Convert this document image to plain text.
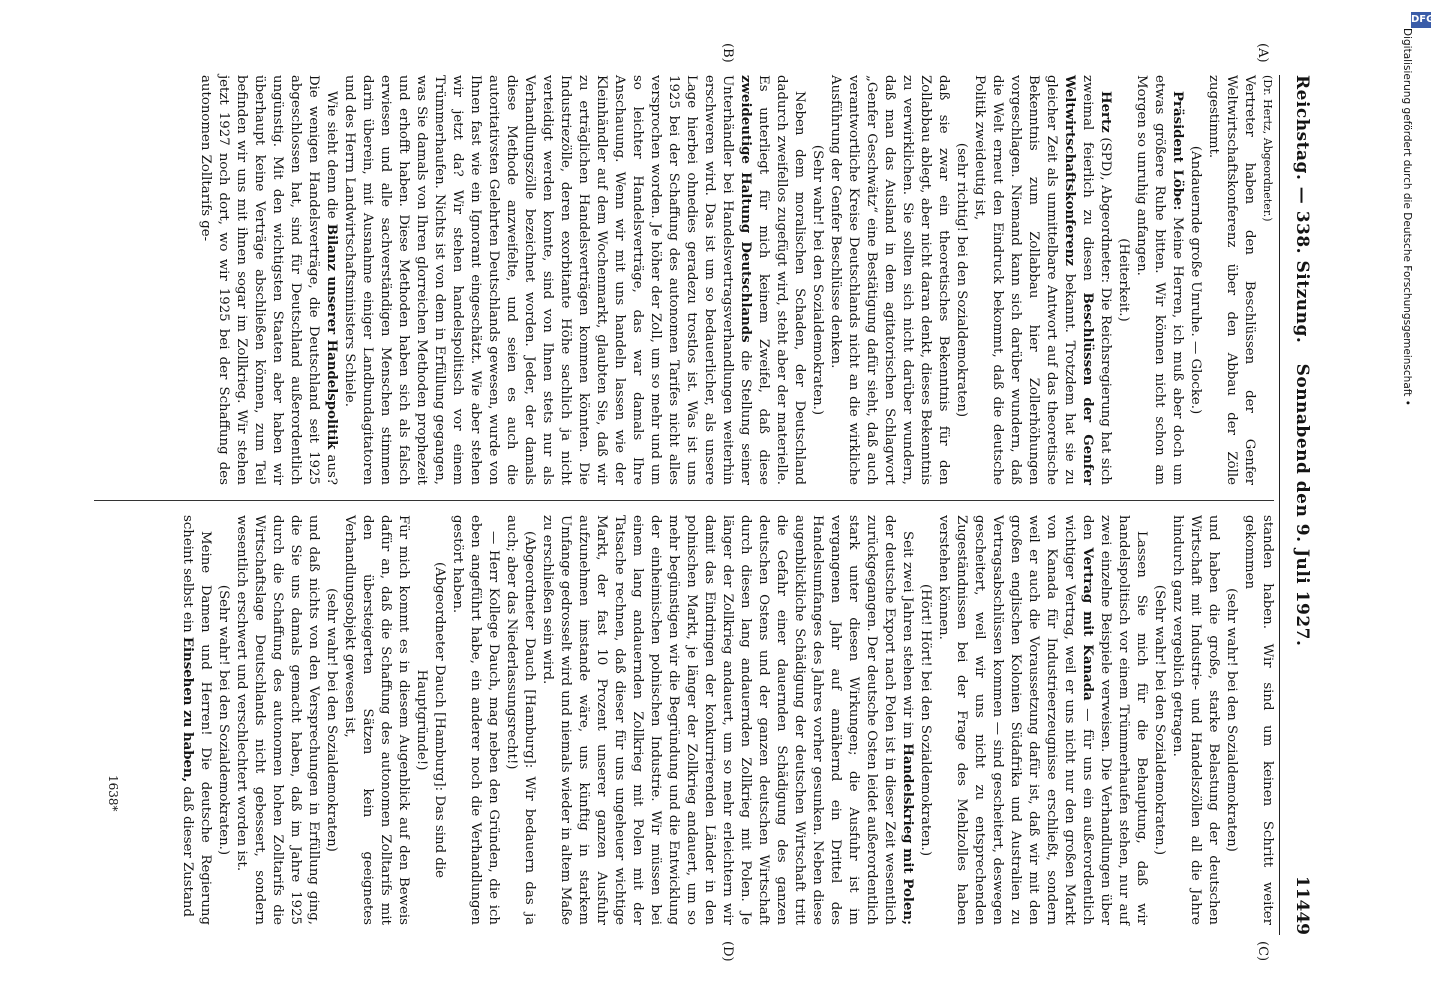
Reichstag. — 338. Sitzung.
Sonnabend den 9. Juli 1927.
11449
(A)
(B)
(C)
(D)

(Dr. Hertz, Abgeordneter.)

Vertreter haben den Beschlüssen der Genfer Weltwirtschaftskonferenz über den Abbau der Zölle zugestimmt.

(Andauernde große Unruhe. — Glocke.)

Präsident Löbe: Meine Herren, ich muß aber doch um etwas größere Ruhe bitten. Wir können nicht schon am Morgen so unruhig anfangen.

(Heiterkeit.)

Hertz (SPD), Abgeordneter: Die Reichsregierung hat sich zweimal feierlich zu diesen Beschlüssen der Genfer Weltwirtschaftskonferenz bekannt. Trotzdem hat sie zu gleicher Zeit als unmittelbare Antwort auf das theoretische Bekenntnis zum Zollabbau hier Zollerhöhungen vorgeschlagen. Niemand kann sich darüber wundern, daß die Welt erneut den Eindruck bekommt, daß die deutsche Politik zweideutig ist,

(sehr richtig! bei den Sozialdemokraten)

daß sie zwar ein theoretisches Bekenntnis für den Zollabbau ablegt, aber nicht daran denkt, dieses Bekenntnis zu verwirklichen. Sie sollten sich nicht darüber wundern, daß man das Ausland in dem agitatorischen Schlagwort „Genfer Geschwätz“ eine Bestätigung dafür sieht, daß auch verantwortliche Kreise Deutschlands nicht an die wirkliche Ausführung der Genfer Beschlüsse denken.

(Sehr wahr! bei den Sozialdemokraten.)

Neben dem moralischen Schaden, der Deutschland dadurch zweifellos zugefügt wird, steht aber der materielle. Es unterliegt für mich keinem Zweifel, daß diese zweideutige Haltung Deutschlands die Stellung seiner Unterhändler bei Handelsvertragsverhandlungen weiterhin erschweren wird. Das ist um so bedauerlicher, als unsere Lage hierbei ohnedies geradezu trostlos ist. Was ist uns 1925 bei der Schaffung des autonomen Tarifes nicht alles versprochen worden. Je höher der Zoll, um so mehr und um so leichter Handelsverträge, das war damals Ihre Anschauung. Wenn wir mit uns handeln lassen wie der Kleinhändler auf dem Wochenmarkt, glaubten Sie, daß wir zu erträglichen Handelsverträgen kommen könnten. Die Industriezölle, deren exorbitante Höhe sachlich ja nicht verteidigt werden konnte, sind von Ihnen stets nur als Verhandlungszölle bezeichnet worden. Jeder, der damals diese Methode anzweifelte, und seien es auch die autoritativsten Gelehrten Deutschlands gewesen, wurde von Ihnen fast wie ein Ignorant eingeschätzt. Wie aber stehen wir jetzt da? Wir stehen handelspolitisch vor einem Trümmerhaufen. Nichts ist von dem in Erfüllung gegangen, was Sie damals von Ihren glorreichen Methoden prophezeit und erhofft haben. Diese Methoden haben sich als falsch erwiesen und alle sachverständigen Menschen stimmen darin überein, mit Ausnahme einiger Landbundagitatoren und des Herrn Landwirtschaftsministers Schiele.

Wie sieht denn die Bilanz unserer Handelspolitik aus? Die wenigen Handelsverträge, die Deutschland seit 1925 abgeschlossen hat, sind für Deutschland außerordentlich ungünstig. Mit den wichtigsten Staaten aber haben wir überhaupt keine Verträge abschließen können, zum Teil befinden wir uns mit ihnen sogar im Zollkrieg. Wir stehen jetzt 1927 noch dort, wo wir 1925 bei der Schaffung des autonomen Zolltarifs ge-

standen haben. Wir sind um keinen Schritt weiter gekommen

(sehr wahr! bei den Sozialdemokraten)

und haben die große, starke Belastung der deutschen Wirtschaft mit Industrie- und Handelszöllen all die Jahre hindurch ganz vergeblich getragen.

(Sehr wahr! bei den Sozialdemokraten.)

Lassen Sie mich für die Behauptung, daß wir handelspolitisch vor einem Trümmerhaufen stehen, nur auf zwei einzelne Beispiele verweisen. Die Verhandlungen über den Vertrag mit Kanada — für uns ein außerordentlich wichtiger Vertrag, weil er uns nicht nur den großen Markt von Kanada für Industrieerzeugnisse erschließt, sondern weil er auch die Voraussetzung dafür ist, daß wir mit den großen englischen Kolonien Südafrika und Australien zu Vertragsabschlüssen kommen — sind gescheitert, deswegen gescheitert, weil wir uns nicht zu entsprechenden Zugeständnissen bei der Frage des Mehlzolles haben verstehen können.

(Hört! Hört! bei den Sozialdemokraten.)

Seit zwei Jahren stehen wir im Handelskrieg mit Polen; der deutsche Export nach Polen ist in dieser Zeit wesentlich zurückgegangen. Der deutsche Osten leidet außerordentlich stark unter diesen Wirkungen; die Ausfuhr ist im vergangenen Jahr auf annähernd ein Drittel des Handelsumfanges des Jahres vorher gesunken. Neben diese augenblickliche Schädigung der deutschen Wirtschaft tritt die Gefahr einer dauernden Schädigung des ganzen deutschen Ostens und der ganzen deutschen Wirtschaft durch diesen lang andauernden Zollkrieg mit Polen. Je länger der Zollkrieg andauert, um so mehr erleichtern wir damit das Eindringen der konkurrierenden Länder in den polnischen Markt, je länger der Zollkrieg andauert, um so mehr begünstigen wir die Begründung und die Entwicklung der einheimischen polnischen Industrie. Wir müssen bei einem lang andauernden Zollkrieg mit Polen mit der Tatsache rechnen, daß dieser für uns ungeheuer wichtige Markt, der fast 10 Prozent unserer ganzen Ausfuhr aufzunehmen imstande wäre, uns künftig in starkem Umfange gedrosselt wird und niemals wieder in altem Maße zu erschließen sein wird.

(Abgeordneter Dauch [Hamburg]: Wir bedauern das ja auch; aber das Niederlassungsrecht!)

— Herr Kollege Dauch, mag neben den Gründen, die ich eben angeführt habe, ein anderer noch die Verhandlungen gestört haben.

(Abgeordneter Dauch [Hamburg]: Das sind die Hauptgründe!)

Für mich kommt es in diesem Augenblick auf den Beweis dafür an, daß die Schaffung des autonomen Zolltarifs mit den übersteigerten Sätzen kein geeignetes Verhandlungsobjekt gewesen ist,

(sehr wahr! bei den Sozialdemokraten)

und daß nichts von den Versprechungen in Erfüllung ging, die Sie uns damals gemacht haben, daß im Jahre 1925 durch die Schaffung des autonomen hohen Zolltarifs die Wirtschaftslage Deutschlands nicht gebessert, sondern wesentlich erschwert und verschlechtert worden ist.

(Sehr wahr! bei den Sozialdemokraten.)

Meine Damen und Herren! Die deutsche Regierung scheint selbst ein Einsehen zu haben, daß dieser Zustand

1638*
Digitalisierung gefördert durch die Deutsche Forschungsgemeinschaft •
DFG
